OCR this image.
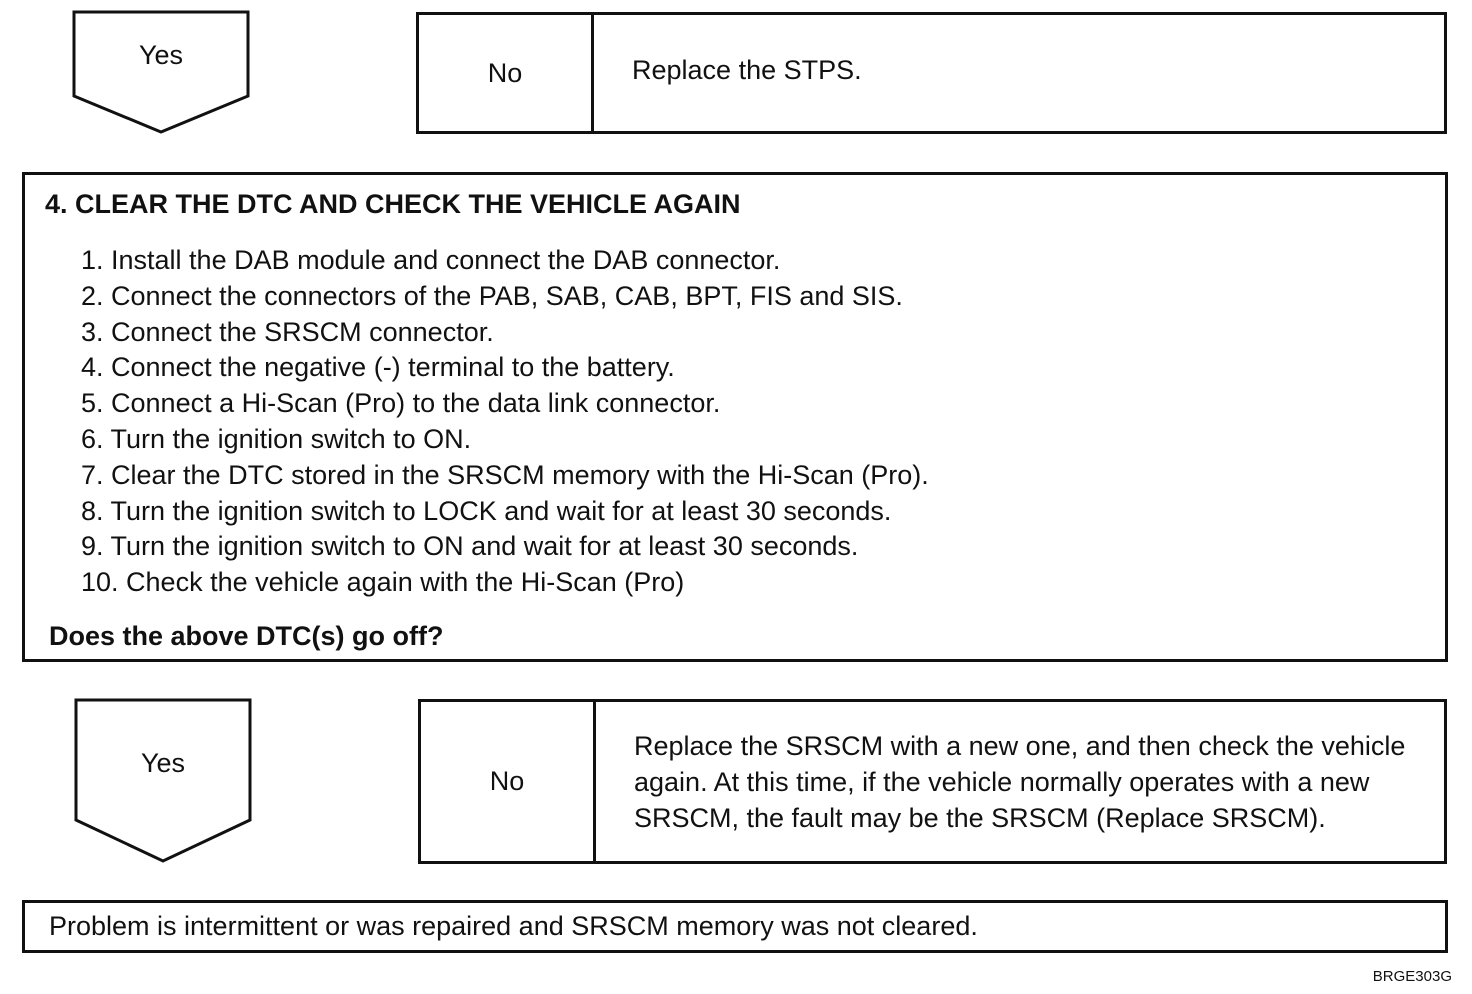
Yes
No	Replace the STPS.
4. CLEAR THE DTC AND CHECK THE VEHICLE AGAIN
1. Install the DAB module and connect the DAB connector.
2. Connect the connectors of the PAB, SAB, CAB, BPT, FIS and SIS.
3. Connect the SRSCM connector.
4. Connect the negative (-) terminal to the battery.
5. Connect a Hi-Scan (Pro) to the data link connector.
6. Turn the ignition switch to ON.
7. Clear the DTC stored in the SRSCM memory with the Hi-Scan (Pro).
8. Turn the ignition switch to LOCK and wait for at least 30 seconds.
9. Turn the ignition switch to ON and wait for at least 30 seconds.
10. Check the vehicle again with the Hi-Scan (Pro)
Does the above DTC(s) go off?
Yes
No
Replace the SRSCM with a new one, and then check the vehicle again. At this time, if the vehicle normally operates with a new SRSCM, the fault may be the SRSCM (Replace SRSCM).
Problem is intermittent or was repaired and SRSCM memory was not cleared.
BRGE303G
